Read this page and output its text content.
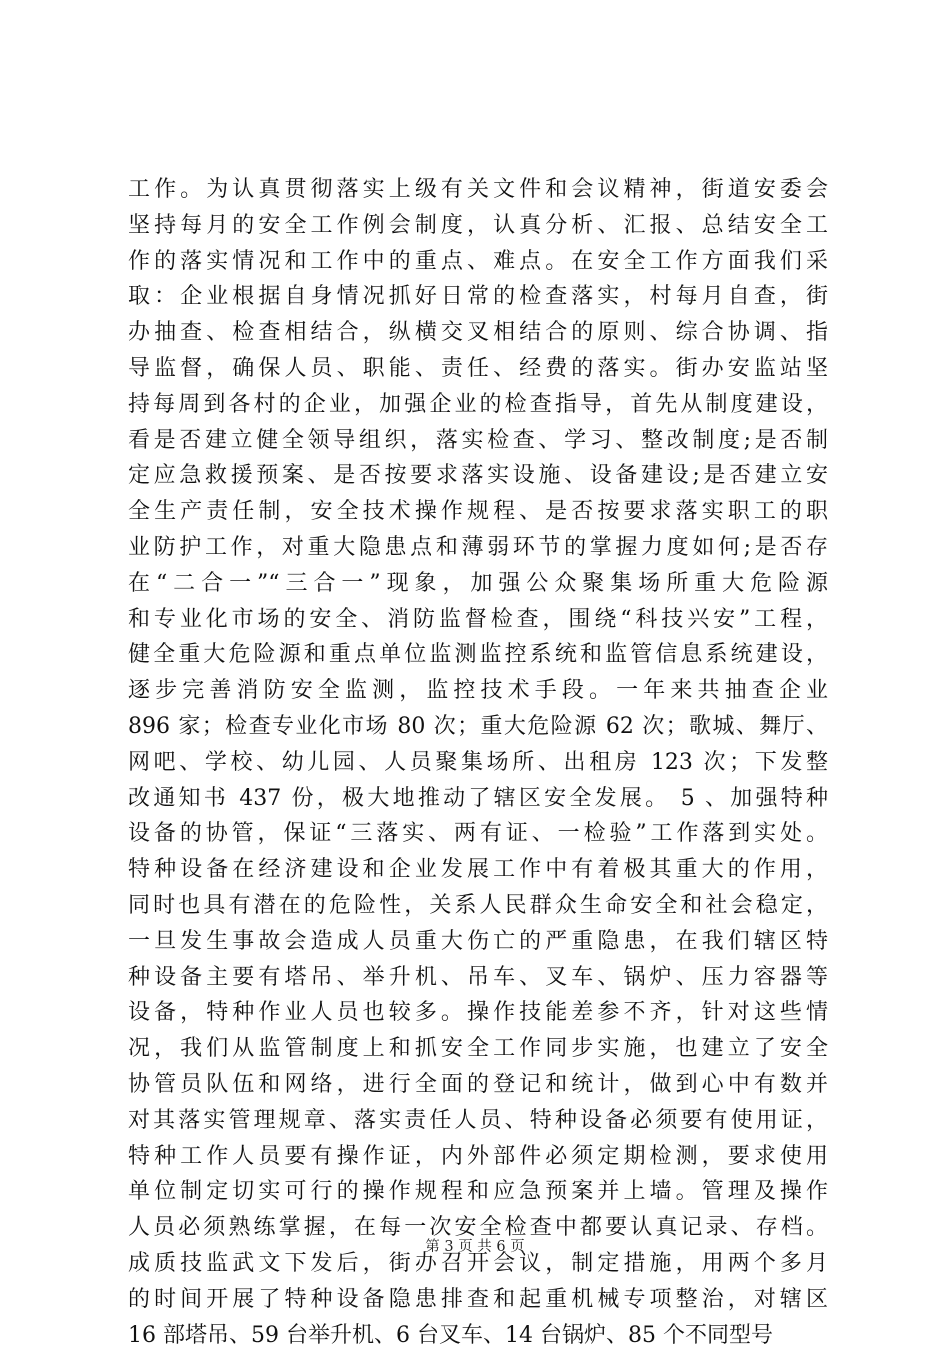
工作。为认真贯彻落实上级有关文件和会议精神，街道安委会
坚持每月的安全工作例会制度，认真分析、汇报、总结安全工
作的落实情况和工作中的重点、难点。在安全工作方面我们采
取：企业根据自身情况抓好日常的检查落实，村每月自查，街
办抽查、检查相结合，纵横交叉相结合的原则、综合协调、指
导监督，确保人员、职能、责任、经费的落实。街办安监站坚
持每周到各村的企业，加强企业的检查指导，首先从制度建设，
看是否建立健全领导组织，落实检查、学习、整改制度;是否制
定应急救援预案、是否按要求落实设施、设备建设;是否建立安
全生产责任制，安全技术操作规程、是否按要求落实职工的职
业防护工作，对重大隐患点和薄弱环节的掌握力度如何;是否存
在“二合一”“三合一”现象，加强公众聚集场所重大危险源
和专业化市场的安全、消防监督检查，围绕“科技兴安”工程，
健全重大危险源和重点单位监测监控系统和监管信息系统建设，
逐步完善消防安全监测，监控技术手段。一年来共抽查企业
896 家；检查专业化市场 80 次；重大危险源 62 次；歌城、舞厅、
网吧、学校、幼儿园、人员聚集场所、出租房 123 次；下发整
改通知书 437 份，极大地推动了辖区安全发展。 5 、加强特种
设备的协管，保证“三落实、两有证、一检验”工作落到实处。
特种设备在经济建设和企业发展工作中有着极其重大的作用，
同时也具有潜在的危险性，关系人民群众生命安全和社会稳定，
一旦发生事故会造成人员重大伤亡的严重隐患，在我们辖区特
种设备主要有塔吊、举升机、吊车、叉车、锅炉、压力容器等
设备，特种作业人员也较多。操作技能差参不齐，针对这些情
况，我们从监管制度上和抓安全工作同步实施，也建立了安全
协管员队伍和网络，进行全面的登记和统计，做到心中有数并
对其落实管理规章、落实责任人员、特种设备必须要有使用证，
特种工作人员要有操作证，内外部件必须定期检测，要求使用
单位制定切实可行的操作规程和应急预案并上墙。管理及操作
人员必须熟练掌握，在每一次安全检查中都要认真记录、存档。
成质技监武文下发后，街办召开会议，制定措施，用两个多月
的时间开展了特种设备隐患排查和起重机械专项整治，对辖区
16 部塔吊、59 台举升机、6 台叉车、14 台锅炉、85 个不同型号
第 3 页 共 6 页
